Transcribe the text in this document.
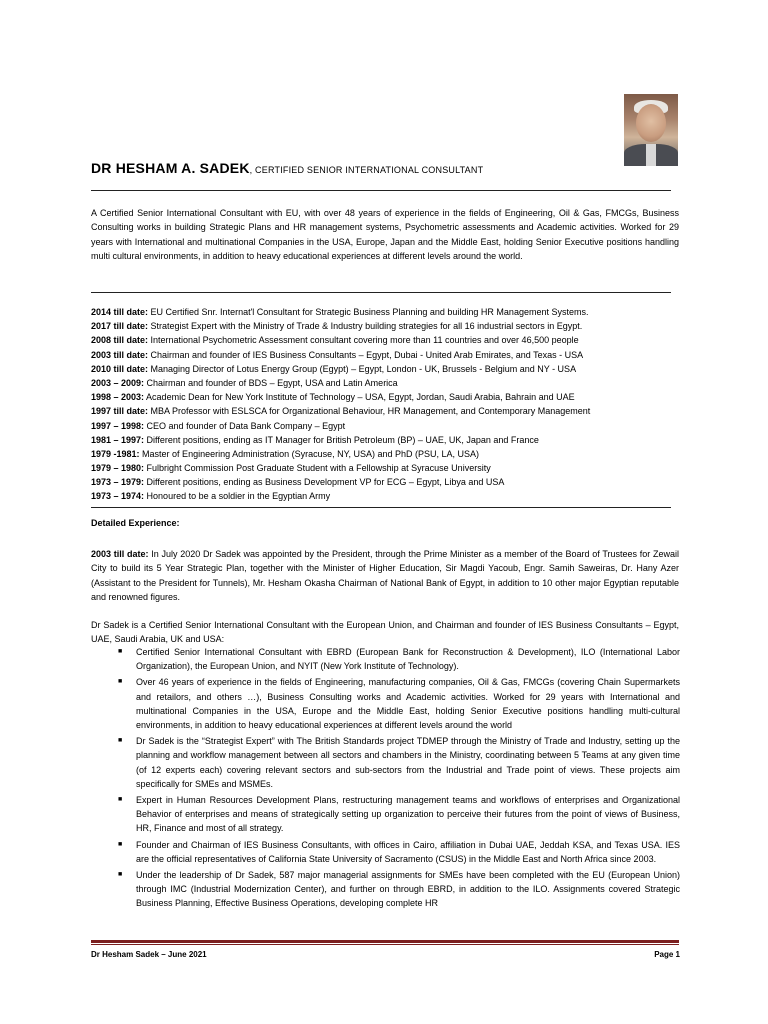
DR HESHAM A. SADEK, CERTIFIED SENIOR INTERNATIONAL CONSULTANT
A Certified Senior International Consultant with EU, with over 48 years of experience in the fields of Engineering, Oil & Gas, FMCGs, Business Consulting works in building Strategic Plans and HR management systems, Psychometric assessments and Academic activities. Worked for 29 years with International and multinational Companies in the USA, Europe, Japan and the Middle East, holding Senior Executive positions handling multi cultural environments, in addition to heavy educational experiences at different levels around the world.
2014 till date: EU Certified Snr. Internat'l Consultant for Strategic Business Planning and building HR Management Systems.
2017 till date: Strategist Expert with the Ministry of Trade & Industry building strategies for all 16 industrial sectors in Egypt.
2008 till date: International Psychometric Assessment consultant covering more than 11 countries and over 46,500 people
2003 till date: Chairman and founder of IES Business Consultants – Egypt, Dubai - United Arab Emirates, and Texas - USA
2010 till date: Managing Director of Lotus Energy Group (Egypt) – Egypt, London - UK, Brussels - Belgium and NY - USA
2003 – 2009: Chairman and founder of BDS – Egypt, USA and Latin America
1998 – 2003: Academic Dean for New York Institute of Technology – USA, Egypt, Jordan, Saudi Arabia, Bahrain and UAE
1997 till date: MBA Professor with ESLSCA for Organizational Behaviour, HR Management, and Contemporary Management
1997 – 1998: CEO and founder of Data Bank Company – Egypt
1981 – 1997: Different positions, ending as IT Manager for British Petroleum (BP) – UAE, UK, Japan and France
1979 -1981: Master of Engineering Administration (Syracuse, NY, USA) and PhD (PSU, LA, USA)
1979 – 1980: Fulbright Commission Post Graduate Student with a Fellowship at Syracuse University
1973 – 1979: Different positions, ending as Business Development VP for ECG – Egypt, Libya and USA
1973 – 1974: Honoured to be a soldier in the Egyptian Army
Detailed Experience:
2003 till date: In July 2020 Dr Sadek was appointed by the President, through the Prime Minister as a member of the Board of Trustees for Zewail City to build its 5 Year Strategic Plan, together with the Minister of Higher Education, Sir Magdi Yacoub, Engr. Samih Saweiras, Dr. Hany Azer (Assistant to the President for Tunnels), Mr. Hesham Okasha Chairman of National Bank of Egypt, in addition to 10 other major Egyptian reputable and renowned figures.
Dr Sadek is a Certified Senior International Consultant with the European Union, and Chairman and founder of IES Business Consultants – Egypt, UAE, Saudi Arabia, UK and USA:
■ Certified Senior International Consultant with EBRD (European Bank for Reconstruction & Development), ILO (International Labor Organization), the European Union, and NYIT (New York Institute of Technology).
■ Over 46 years of experience in the fields of Engineering, manufacturing companies, Oil & Gas, FMCGs (covering Chain Supermarkets and retailors, and others …), Business Consulting works and Academic activities. Worked for 29 years with International and multinational Companies in the USA, Europe and the Middle East, holding Senior Executive positions handling multi-cultural environments, in addition to heavy educational experiences at different levels around the world
■ Dr Sadek is the “Strategist Expert” with The British Standards project TDMEP through the Ministry of Trade and Industry, setting up the planning and workflow management between all sectors and chambers in the Ministry, coordinating between 5 Teams at any given time (of 12 experts each) covering relevant sectors and sub-sectors from the Industrial and Trade point of views. These projects aim specifically for SMEs and MSMEs.
■ Expert in Human Resources Development Plans, restructuring management teams and workflows of enterprises and Organizational Behavior of enterprises and means of strategically setting up organization to perceive their futures from the point of views of Business, HR, Finance and most of all strategy.
■ Founder and Chairman of IES Business Consultants, with offices in Cairo, affiliation in Dubai UAE, Jeddah KSA, and Texas USA. IES are the official representatives of California State University of Sacramento (CSUS) in the Middle East and North Africa since 2003.
■ Under the leadership of Dr Sadek, 587 major managerial assignments for SMEs have been completed with the EU (European Union) through IMC (Industrial Modernization Center), and further on through EBRD, in addition to the ILO. Assignments covered Strategic Business Planning, Effective Business Operations, developing complete HR
Dr Hesham Sadek – June 2021	Page 1
